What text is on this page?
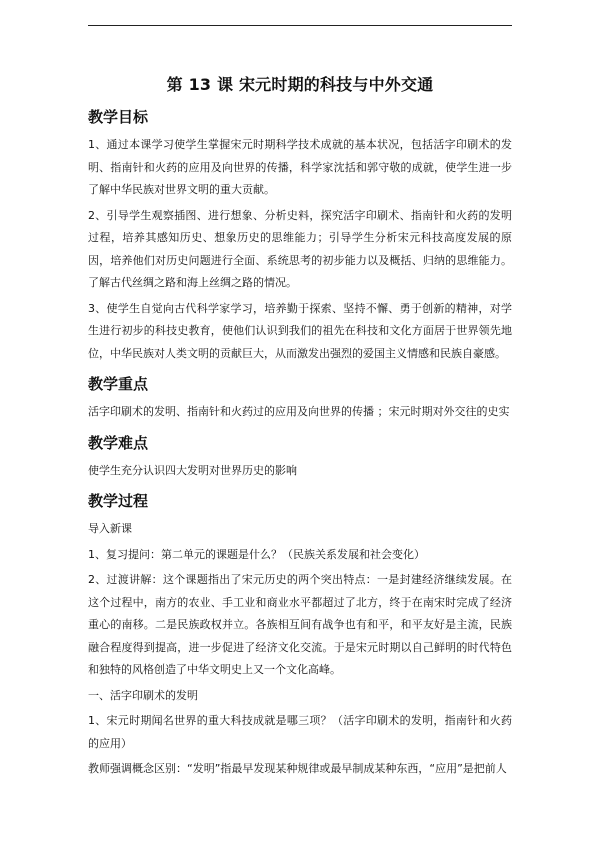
第 13 课 宋元时期的科技与中外交通
教学目标
1、通过本课学习使学生掌握宋元时期科学技术成就的基本状况，包括活字印刷术的发明、指南针和火药的应用及向世界的传播，科学家沈括和郭守敬的成就，使学生进一步了解中华民族对世界文明的重大贡献。
2、引导学生观察插图、进行想象、分析史料，探究活字印刷术、指南针和火药的发明过程，培养其感知历史、想象历史的思维能力；引导学生分析宋元科技高度发展的原因，培养他们对历史问题进行全面、系统思考的初步能力以及概括、归纳的思维能力。了解古代丝绸之路和海上丝绸之路的情况。
3、使学生自觉向古代科学家学习，培养勤于探索、坚持不懈、勇于创新的精神，对学生进行初步的科技史教育，使他们认识到我们的祖先在科技和文化方面居于世界领先地位，中华民族对人类文明的贡献巨大，从而激发出强烈的爱国主义情感和民族自豪感。
教学重点
活字印刷术的发明、指南针和火药过的应用及向世界的传播 ；宋元时期对外交往的史实
教学难点
使学生充分认识四大发明对世界历史的影响
教学过程
导入新课
1、复习提问：第二单元的课题是什么？（民族关系发展和社会变化）
2、过渡讲解：这个课题指出了宋元历史的两个突出特点：一是封建经济继续发展。在这个过程中，南方的农业、手工业和商业水平都超过了北方，终于在南宋时完成了经济重心的南移。二是民族政权并立。各族相互间有战争也有和平，和平友好是主流，民族融合程度得到提高，进一步促进了经济文化交流。于是宋元时期以自己鲜明的时代特色和独特的风格创造了中华文明史上又一个文化高峰。
一、活字印刷术的发明
1、宋元时期闻名世界的重大科技成就是哪三项？（活字印刷术的发明，指南针和火药的应用）
教师强调概念区别：“发明”指最早发现某种规律或最早制成某种东西，“应用”是把前人
